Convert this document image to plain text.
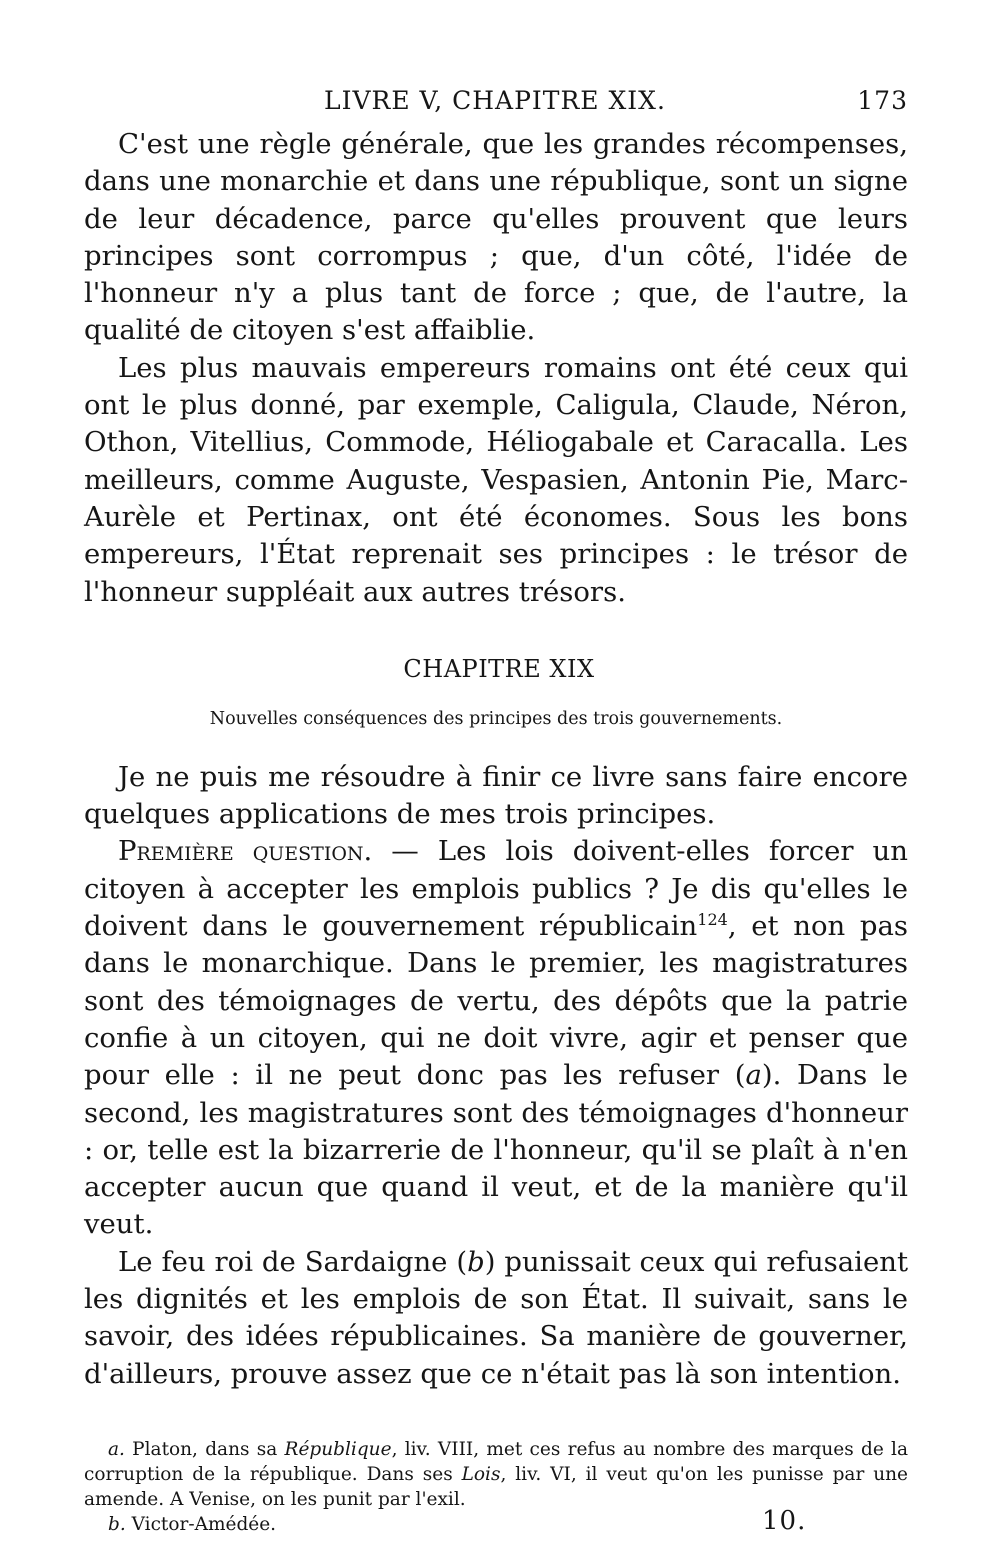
LIVRE V, CHAPITRE XIX.	173

C'est une règle générale, que les grandes récompenses, dans une monarchie et dans une république, sont un signe de leur décadence, parce qu'elles prouvent que leurs principes sont corrompus ; que, d'un côté, l'idée de l'honneur n'y a plus tant de force ; que, de l'autre, la qualité de citoyen s'est affaiblie.

Les plus mauvais empereurs romains ont été ceux qui ont le plus donné, par exemple, Caligula, Claude, Néron, Othon, Vitellius, Commode, Héliogabale et Caracalla. Les meilleurs, comme Auguste, Vespasien, Antonin Pie, Marc-Aurèle et Pertinax, ont été économes. Sous les bons empereurs, l'État reprenait ses principes : le trésor de l'honneur suppléait aux autres trésors.

CHAPITRE XIX
Nouvelles conséquences des principes des trois gouvernements.

Je ne puis me résoudre à finir ce livre sans faire encore quelques applications de mes trois principes.

Première question. — Les lois doivent-elles forcer un citoyen à accepter les emplois publics ? Je dis qu'elles le doivent dans le gouvernement républicain$^{124}$, et non pas dans le monarchique. Dans le premier, les magistratures sont des témoignages de vertu, des dépôts que la patrie confie à un citoyen, qui ne doit vivre, agir et penser que pour elle : il ne peut donc pas les refuser (a). Dans le second, les magistratures sont des témoignages d'honneur : or, telle est la bizarrerie de l'honneur, qu'il se plaît à n'en accepter aucun que quand il veut, et de la manière qu'il veut.

Le feu roi de Sardaigne (b) punissait ceux qui refusaient les dignités et les emplois de son État. Il suivait, sans le savoir, des idées républicaines. Sa manière de gouverner, d'ailleurs, prouve assez que ce n'était pas là son intention.

a. Platon, dans sa République, liv. VIII, met ces refus au nombre des marques de la corruption de la république. Dans ses Lois, liv. VI, il veut qu'on les punisse par une amende. A Venise, on les punit par l'exil.

b. Victor-Amédée.	10.
